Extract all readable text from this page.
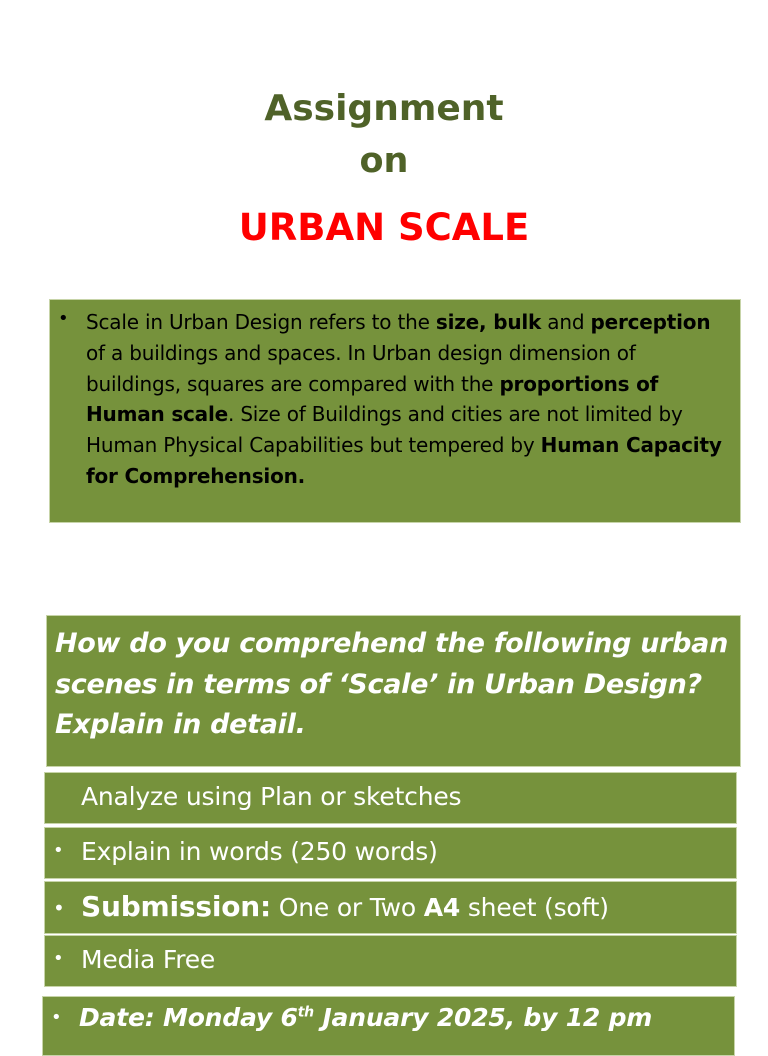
Assignment
on
URBAN SCALE
• Scale in Urban Design refers to the size, bulk and perception of a buildings and spaces. In Urban design dimension of buildings, squares are compared with the proportions of Human scale. Size of Buildings and cities are not limited by Human Physical Capabilities but tempered by Human Capacity for Comprehension.
How do you comprehend the following urban scenes in terms of ‘Scale’ in Urban Design? Explain in detail.
Analyze using Plan or sketches
• Explain in words (250 words)
• Submission: One or Two A4 sheet (soft)
• Media Free
• Date: Monday 6th January 2025, by 12 pm
